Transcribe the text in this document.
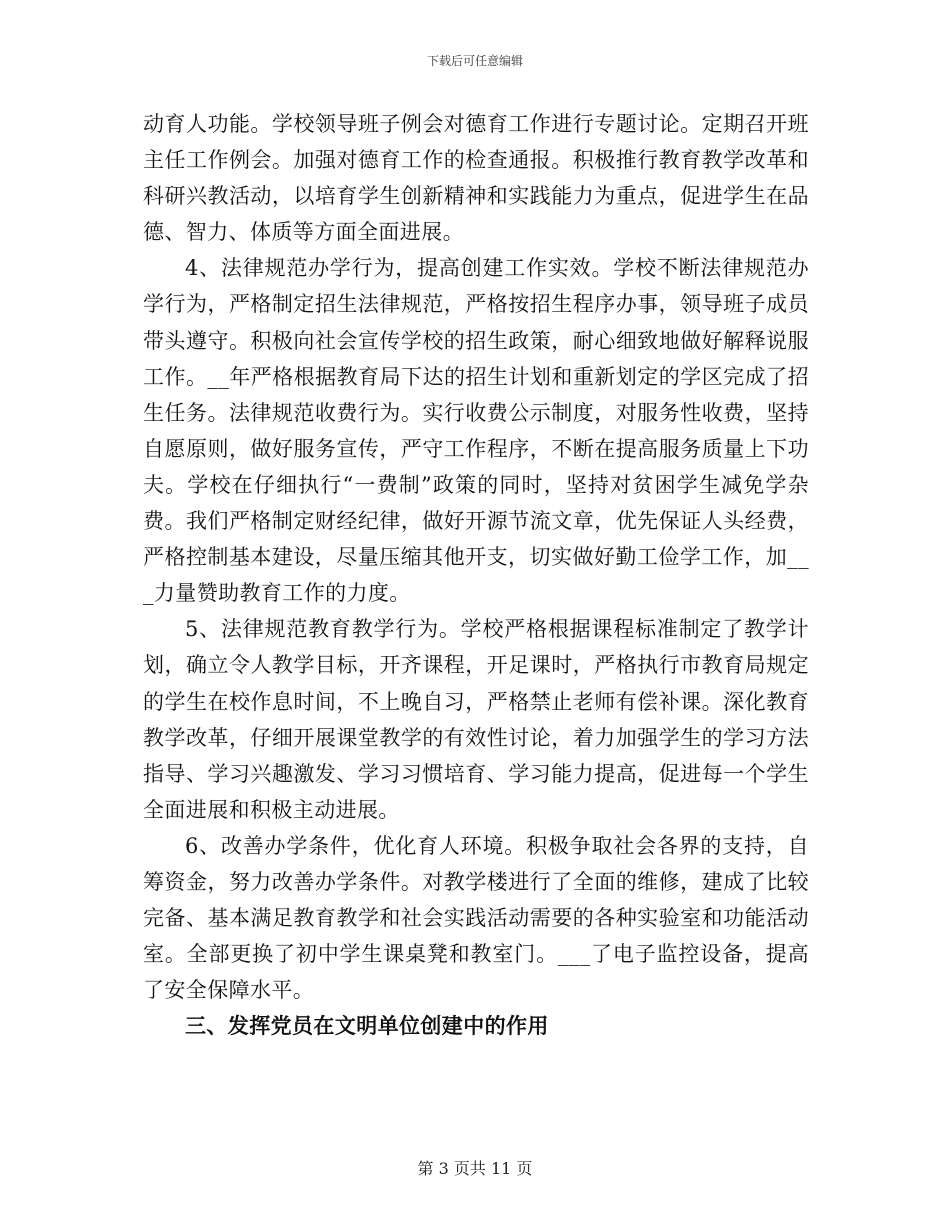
下载后可任意编辑

动育人功能。学校领导班子例会对德育工作进行专题讨论。定期召开班主任工作例会。加强对德育工作的检查通报。积极推行教育教学改革和科研兴教活动，以培育学生创新精神和实践能力为重点，促进学生在品德、智力、体质等方面全面进展。

4、法律规范办学行为，提高创建工作实效。学校不断法律规范办学行为，严格制定招生法律规范，严格按招生程序办事，领导班子成员带头遵守。积极向社会宣传学校的招生政策，耐心细致地做好解释说服工作。__年严格根据教育局下达的招生计划和重新划定的学区完成了招生任务。法律规范收费行为。实行收费公示制度，对服务性收费，坚持自愿原则，做好服务宣传，严守工作程序，不断在提高服务质量上下功夫。学校在仔细执行“一费制”政策的同时，坚持对贫困学生减免学杂费。我们严格制定财经纪律，做好开源节流文章，优先保证人头经费，严格控制基本建设，尽量压缩其他开支，切实做好勤工俭学工作，加___力量赞助教育工作的力度。

5、法律规范教育教学行为。学校严格根据课程标准制定了教学计划，确立令人教学目标，开齐课程，开足课时，严格执行市教育局规定的学生在校作息时间，不上晚自习，严格禁止老师有偿补课。深化教育教学改革，仔细开展课堂教学的有效性讨论，着力加强学生的学习方法指导、学习兴趣激发、学习习惯培育、学习能力提高，促进每一个学生全面进展和积极主动进展。

6、改善办学条件，优化育人环境。积极争取社会各界的支持，自筹资金，努力改善办学条件。对教学楼进行了全面的维修，建成了比较完备、基本满足教育教学和社会实践活动需要的各种实验室和功能活动室。全部更换了初中学生课桌凳和教室门。___了电子监控设备，提高了安全保障水平。

三、发挥党员在文明单位创建中的作用

第 3 页共 11 页
